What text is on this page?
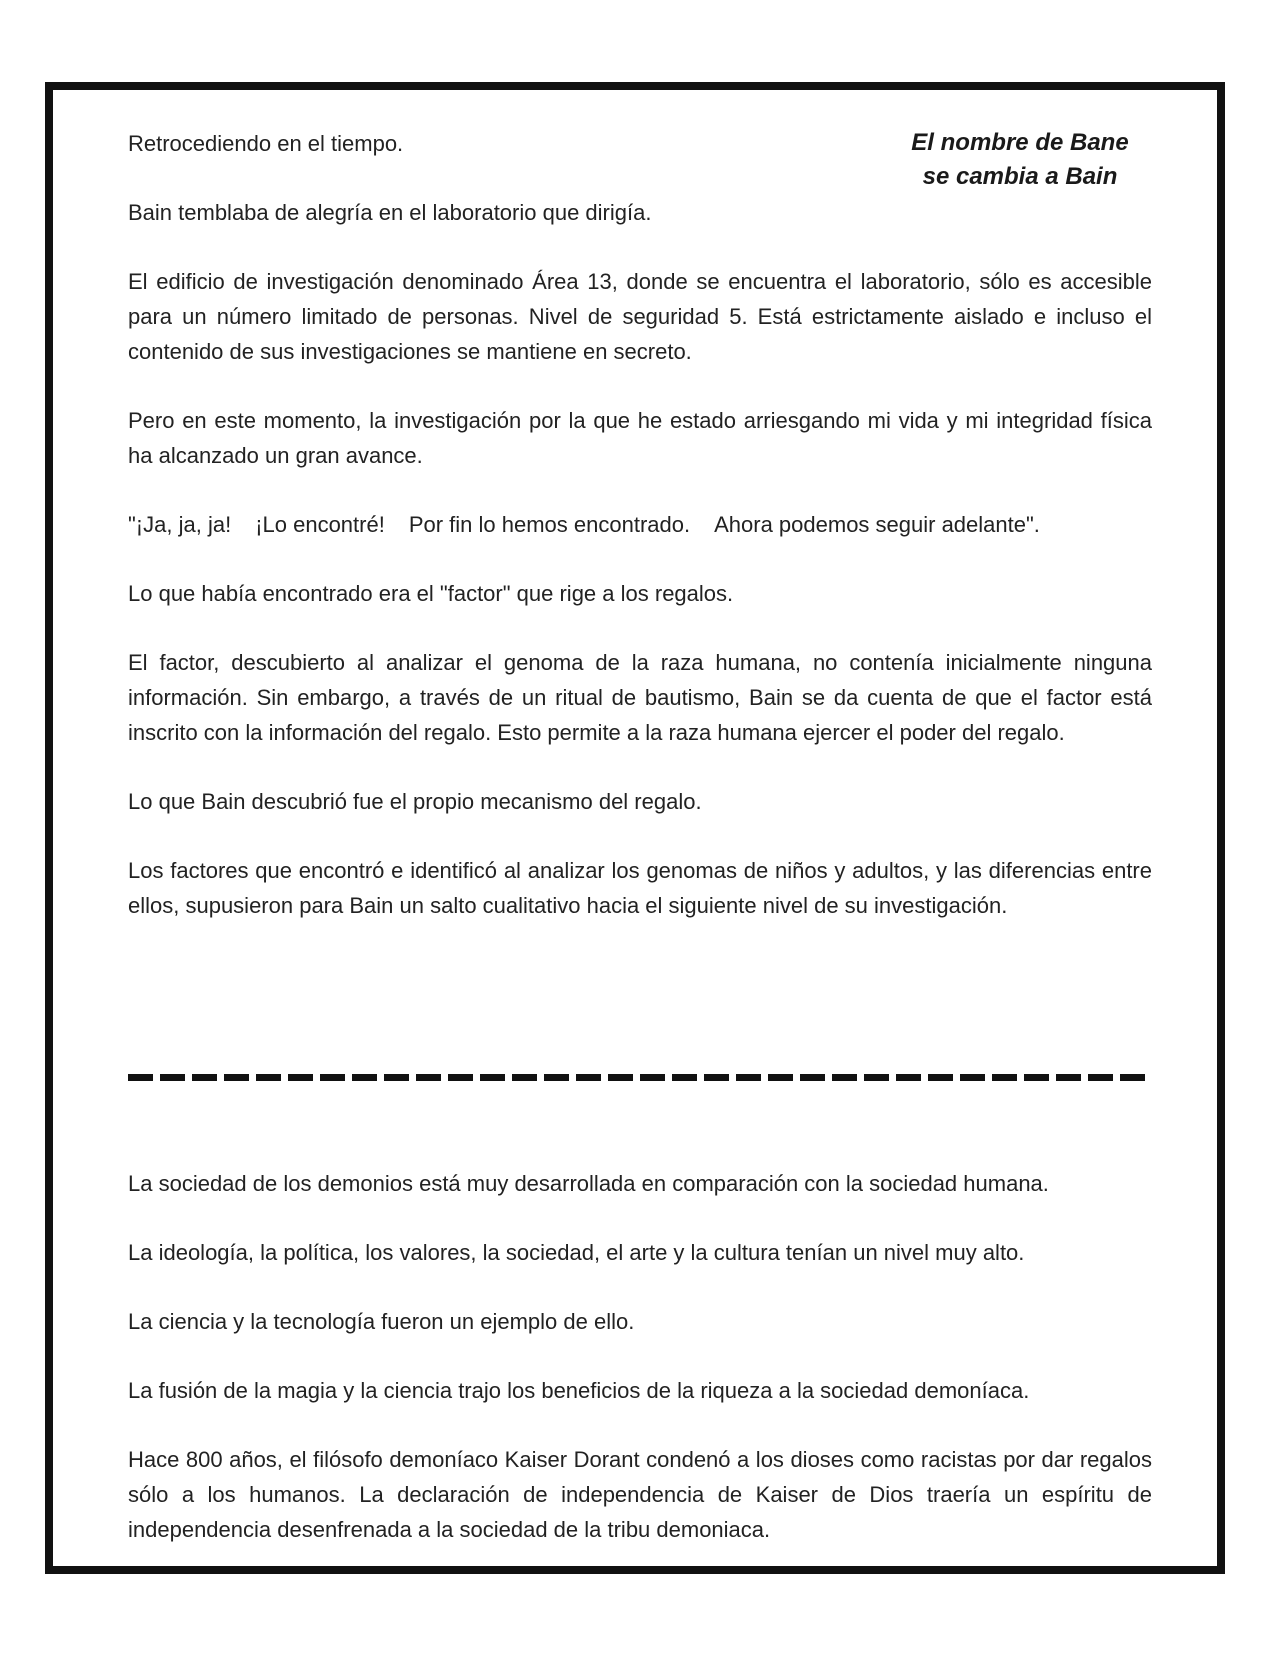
El nombre de Bane
se cambia a Bain

Retrocediendo en el tiempo.

Bain temblaba de alegría en el laboratorio que dirigía.

El edificio de investigación denominado Área 13, donde se encuentra el laboratorio, sólo es accesible para un número limitado de personas. Nivel de seguridad 5. Está estrictamente aislado e incluso el contenido de sus investigaciones se mantiene en secreto.

Pero en este momento, la investigación por la que he estado arriesgando mi vida y mi integridad física ha alcanzado un gran avance.

"¡Ja, ja, ja! ¡Lo encontré! Por fin lo hemos encontrado. Ahora podemos seguir adelante".

Lo que había encontrado era el "factor" que rige a los regalos.

El factor, descubierto al analizar el genoma de la raza humana, no contenía inicialmente ninguna información. Sin embargo, a través de un ritual de bautismo, Bain se da cuenta de que el factor está inscrito con la información del regalo. Esto permite a la raza humana ejercer el poder del regalo.

Lo que Bain descubrió fue el propio mecanismo del regalo.

Los factores que encontró e identificó al analizar los genomas de niños y adultos, y las diferencias entre ellos, supusieron para Bain un salto cualitativo hacia el siguiente nivel de su investigación.

La sociedad de los demonios está muy desarrollada en comparación con la sociedad humana.

La ideología, la política, los valores, la sociedad, el arte y la cultura tenían un nivel muy alto.

La ciencia y la tecnología fueron un ejemplo de ello.

La fusión de la magia y la ciencia trajo los beneficios de la riqueza a la sociedad demoníaca.

Hace 800 años, el filósofo demoníaco Kaiser Dorant condenó a los dioses como racistas por dar regalos sólo a los humanos. La declaración de independencia de Kaiser de Dios traería un espíritu de independencia desenfrenada a la sociedad de la tribu demoniaca.
